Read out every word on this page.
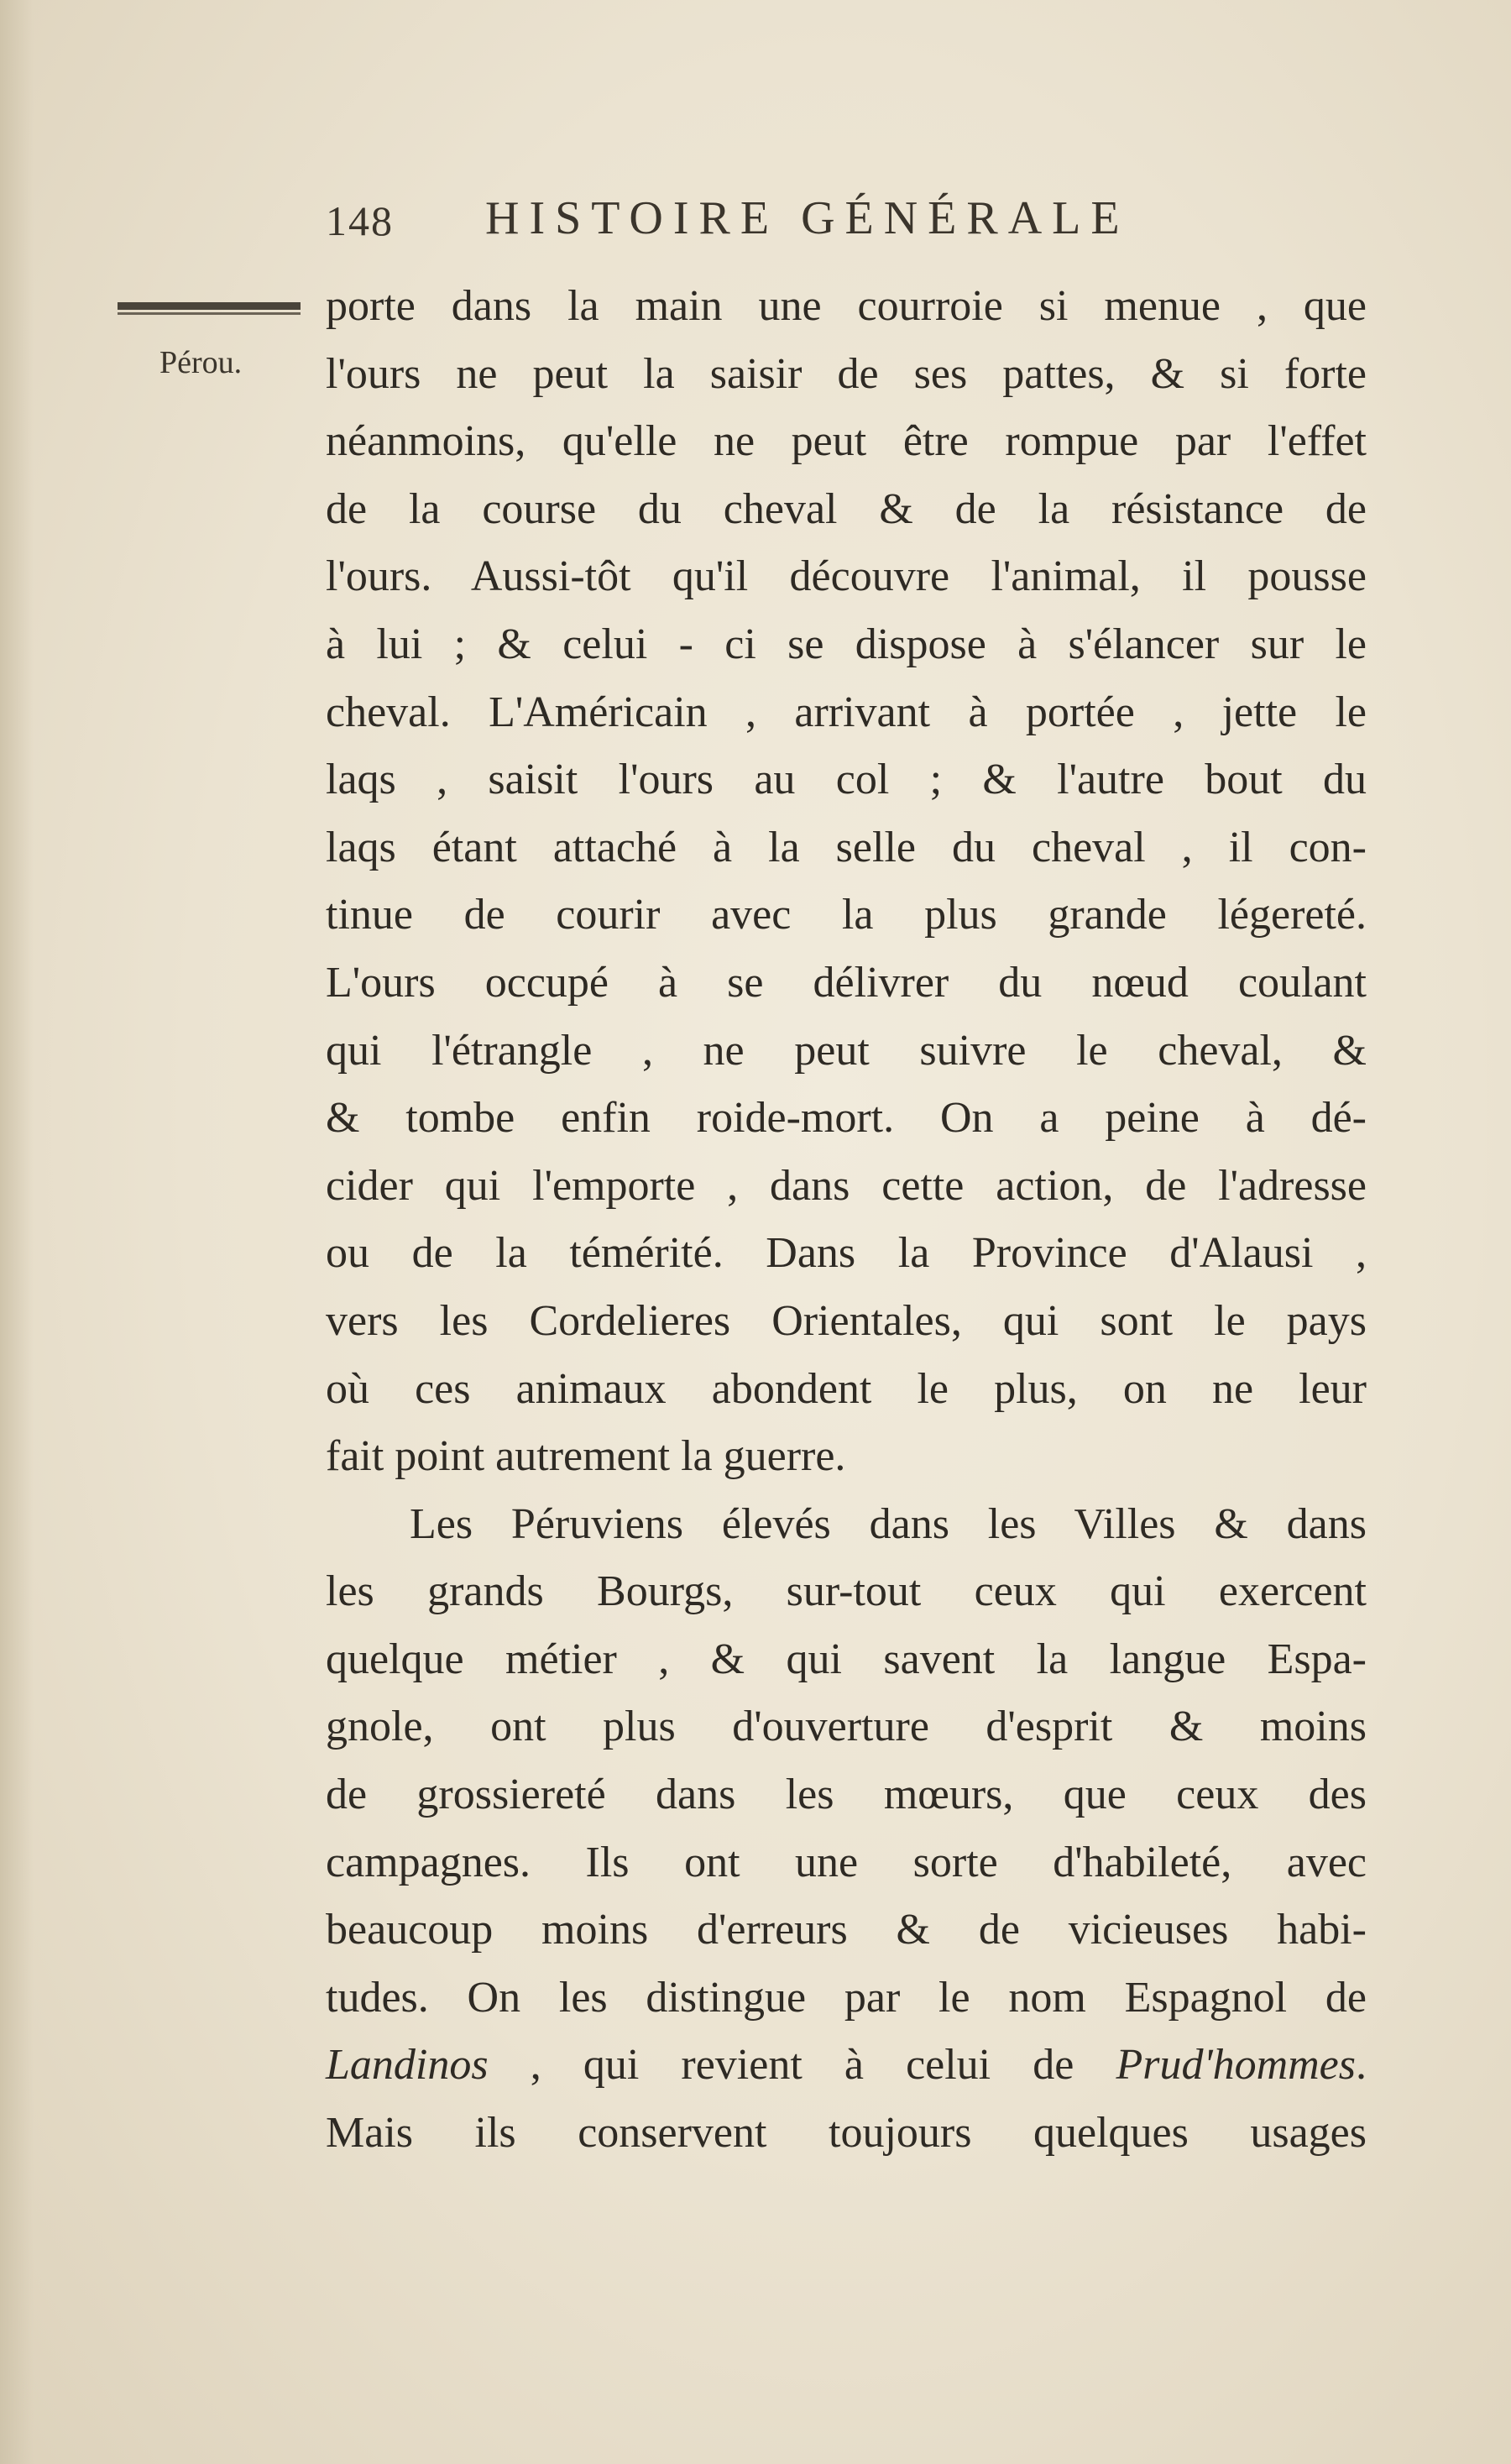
148 HISTOIRE GÉNÉRALE
Pérou.
porte dans la main une courroie si menue , que
l'ours ne peut la saisir de ses pattes, & si forte
néanmoins, qu'elle ne peut être rompue par l'effet
de la course du cheval & de la résistance de
l'ours. Aussi-tôt qu'il découvre l'animal, il pousse
à lui ; & celui - ci se dispose à s'élancer sur le
cheval. L'Américain , arrivant à portée , jette le
laqs , saisit l'ours au col ; & l'autre bout du
laqs étant attaché à la selle du cheval , il con-
tinue de courir avec la plus grande légereté.
L'ours occupé à se délivrer du nœud coulant
qui l'étrangle , ne peut suivre le cheval, &
& tombe enfin roide-mort. On a peine à dé-
cider qui l'emporte , dans cette action, de l'adresse
ou de la témérité. Dans la Province d'Alausi ,
vers les Cordelieres Orientales, qui sont le pays
où ces animaux abondent le plus, on ne leur
fait point autrement la guerre.
Les Péruviens élevés dans les Villes & dans
les grands Bourgs, sur-tout ceux qui exercent
quelque métier , & qui savent la langue Espa-
gnole, ont plus d'ouverture d'esprit & moins
de grossiereté dans les mœurs, que ceux des
campagnes. Ils ont une sorte d'habileté, avec
beaucoup moins d'erreurs & de vicieuses habi-
tudes. On les distingue par le nom Espagnol de
Landinos , qui revient à celui de Prud'hommes.
Mais ils conservent toujours quelques usages
